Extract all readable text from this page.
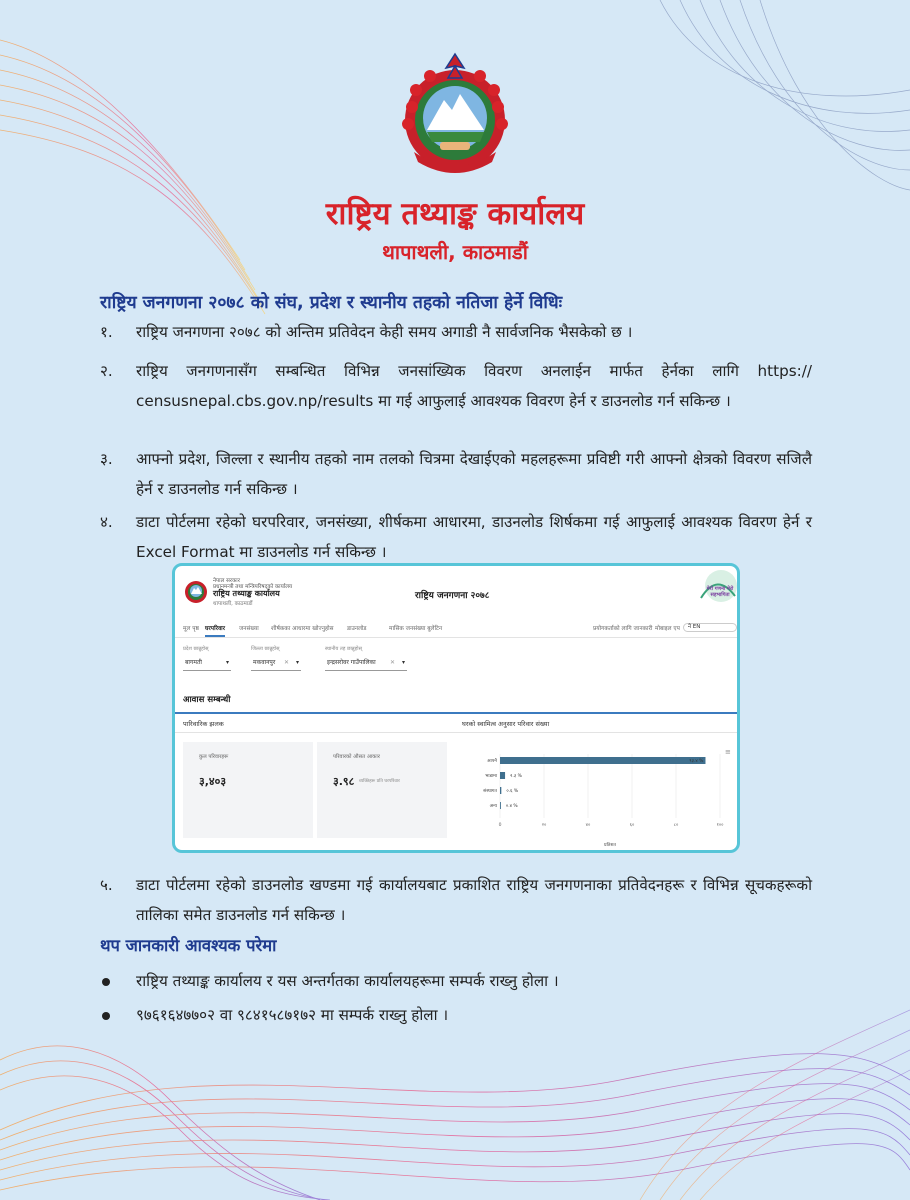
राष्ट्रिय तथ्याङ्क कार्यालय
थापाथली, काठमाडौं
राष्ट्रिय जनगणना २०७८ को संघ, प्रदेश र स्थानीय तहको नतिजा हेर्ने विधिः
१.	राष्ट्रिय जनगणना २०७८ को अन्तिम प्रतिवेदन केही समय अगाडी नै सार्वजनिक भैसकेको छ ।
२.	राष्ट्रिय जनगणनासँग सम्बन्धित विभिन्न जनसांख्यिक विवरण अनलाईन मार्फत हेर्नका लागि https:// censusnepal.cbs.gov.np/results मा गई आफुलाई आवश्यक विवरण हेर्न र डाउनलोड गर्न सकिन्छ ।
३.	आफ्नो प्रदेश, जिल्ला र स्थानीय तहको नाम तलको चित्रमा देखाईएको महलहरूमा प्रविष्टी गरी आफ्नो क्षेत्रको विवरण सजिलै हेर्न र डाउनलोड गर्न सकिन्छ ।
४.	डाटा पोर्टलमा रहेको घरपरिवार, जनसंख्या, शीर्षकमा आधारमा, डाउनलोड शिर्षकमा गई आफुलाई आवश्यक विवरण हेर्न र Excel Format मा डाउनलोड गर्न सकिन्छ ।
नेपाल सरकार
प्रधानमन्त्री तथा मन्त्रिपरिषद्को कार्यालय
राष्ट्रिय तथ्याङ्क कार्यालय
थापाथली, काठमाडौं
राष्ट्रिय जनगणना २०७८
मेरो गणना मेरो सहभागिता
मूल पृष्ठ घरपरिवार जनसंख्या शीर्षकका आधारमा खोज्नुहोस डाउनलोड	मासिक जनसंख्या बुलेटिन	प्रयोगकर्ताको लागि जानकारी मोबाइल एप	ने EN
प्रदेश छान्नुहोस्
बागमती	▾
जिल्ला छान्नुहोस्
मकवानपुर ✕ ▾
स्थानीय तह छान्नुहोस्
इन्द्रसरोवर गाउँपालिका ✕ ▾
आवास सम्बन्धी
पारिवारिक झलक	घरको स्वामित्व अनुसार परिवार संख्या
कुल परिवारहरू
३,४०३
परिवारको औसत आकार
३.९८ व्यक्तिहरू प्रति घरपरिवार
≡
0	२०	४०	६०	८०	१००
प्रतिशत
आफ्नै	९३.४ %
भाडामा	२.३ %
संस्थागत ०.६ %
अन्य ०.४ %
५.	डाटा पोर्टलमा रहेको डाउनलोड खण्डमा गई कार्यालयबाट प्रकाशित राष्ट्रिय जनगणनाका प्रतिवेदनहरू र विभिन्न सूचकहरूको तालिका समेत डाउनलोड गर्न सकिन्छ ।
थप जानकारी आवश्यक परेमा
राष्ट्रिय तथ्याङ्क कार्यालय र यस अन्तर्गतका कार्यालयहरूमा सम्पर्क राख्नु होला ।
९७६१६४७७०२ वा ९८४१५८७१७२ मा सम्पर्क राख्नु होला ।
